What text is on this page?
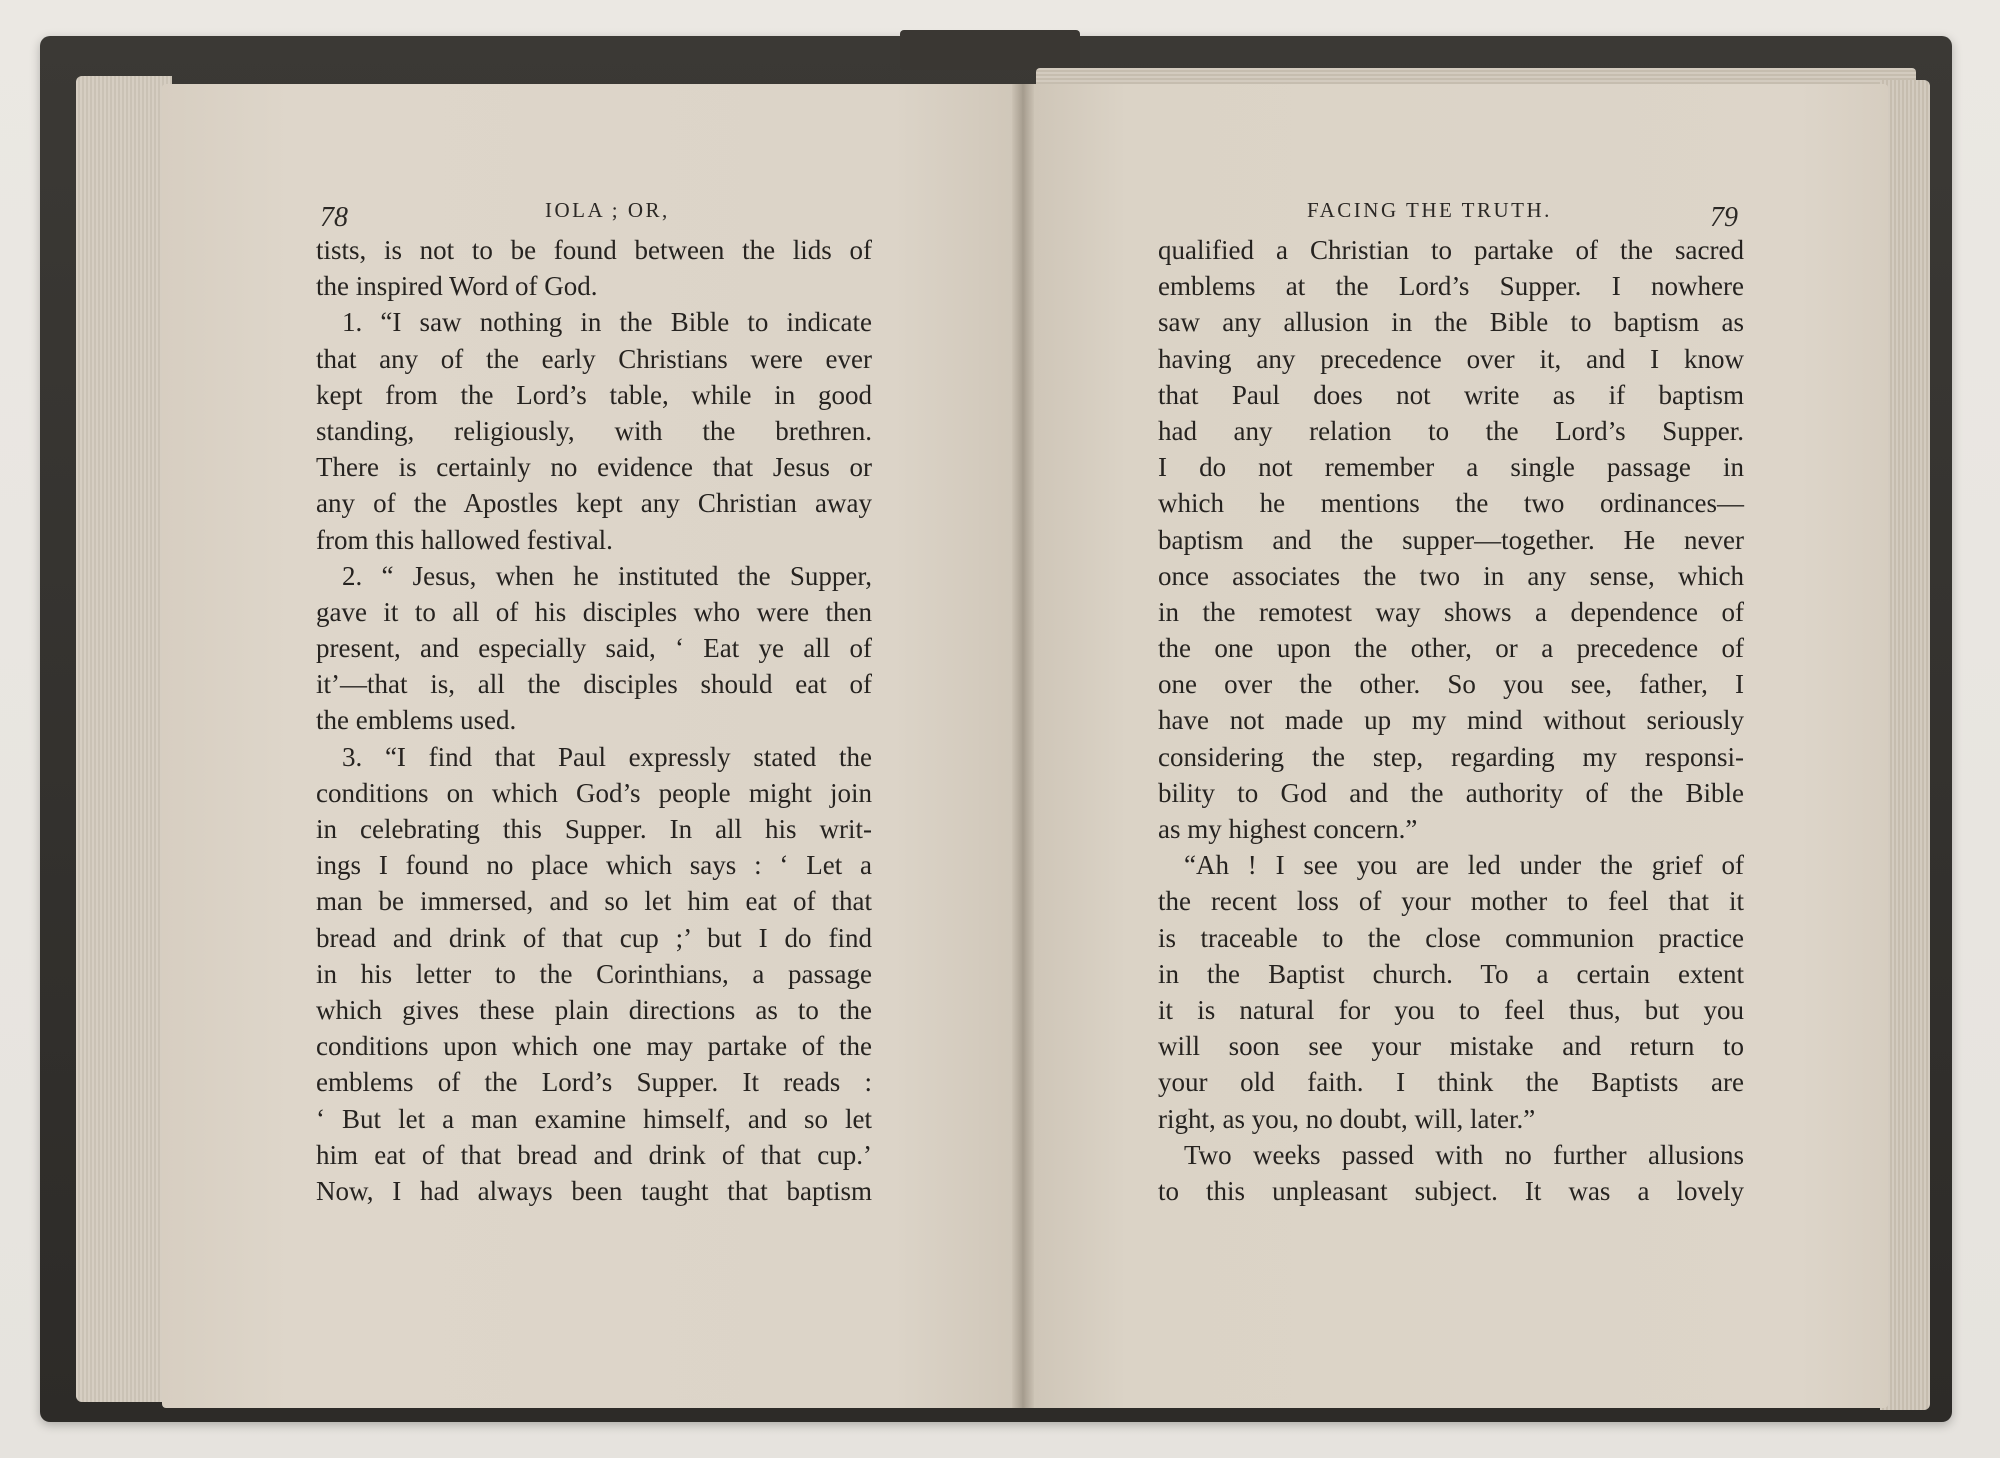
78	IOLA ; OR,
tists, is not to be found between the lids of
the inspired Word of God.
1. “I saw nothing in the Bible to indicate
that any of the early Christians were ever
kept from the Lord’s table, while in good
standing, religiously, with the brethren.
There is certainly no evidence that Jesus or
any of the Apostles kept any Christian away
from this hallowed festival.
2. “ Jesus, when he instituted the Supper,
gave it to all of his disciples who were then
present, and especially said, ‘ Eat ye all of
it’—that is, all the disciples should eat of
the emblems used.
3. “I find that Paul expressly stated the
conditions on which God’s people might join
in celebrating this Supper. In all his writ-
ings I found no place which says : ‘ Let a
man be immersed, and so let him eat of that
bread and drink of that cup ;’ but I do find
in his letter to the Corinthians, a passage
which gives these plain directions as to the
conditions upon which one may partake of the
emblems of the Lord’s Supper. It reads :
‘ But let a man examine himself, and so let
him eat of that bread and drink of that cup.’
Now, I had always been taught that baptism
FACING THE TRUTH.	79
qualified a Christian to partake of the sacred
emblems at the Lord’s Supper. I nowhere
saw any allusion in the Bible to baptism as
having any precedence over it, and I know
that Paul does not write as if baptism
had any relation to the Lord’s Supper.
I do not remember a single passage in
which he mentions the two ordinances—
baptism and the supper—together. He never
once associates the two in any sense, which
in the remotest way shows a dependence of
the one upon the other, or a precedence of
one over the other. So you see, father, I
have not made up my mind without seriously
considering the step, regarding my responsi-
bility to God and the authority of the Bible
as my highest concern.”
“Ah ! I see you are led under the grief of
the recent loss of your mother to feel that it
is traceable to the close communion practice
in the Baptist church. To a certain extent
it is natural for you to feel thus, but you
will soon see your mistake and return to
your old faith. I think the Baptists are
right, as you, no doubt, will, later.”
Two weeks passed with no further allusions
to this unpleasant subject. It was a lovely
